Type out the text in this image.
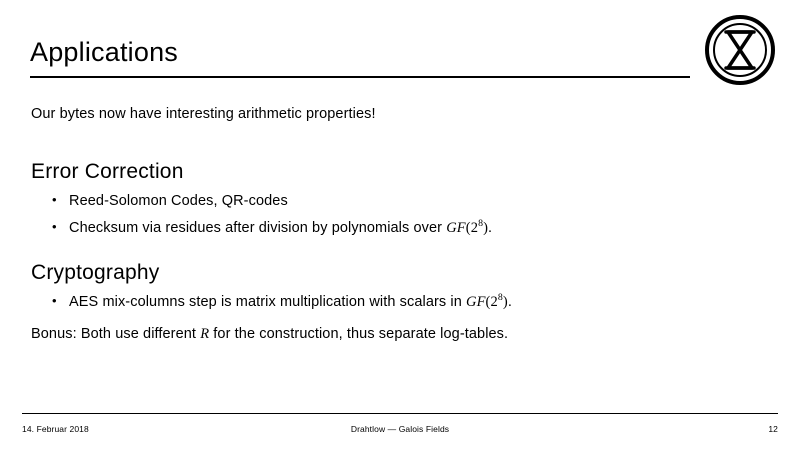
Applications
Our bytes now have interesting arithmetic properties!
Error Correction
• Reed-Solomon Codes, QR-codes
• Checksum via residues after division by polynomials over $GF(2^8)$.
Cryptography
• AES mix-columns step is matrix multiplication with scalars in $GF(2^8)$.
Bonus: Both use different R for the construction, thus separate log-tables.
14. Februar 2018	Drahtlow — Galois Fields	12
